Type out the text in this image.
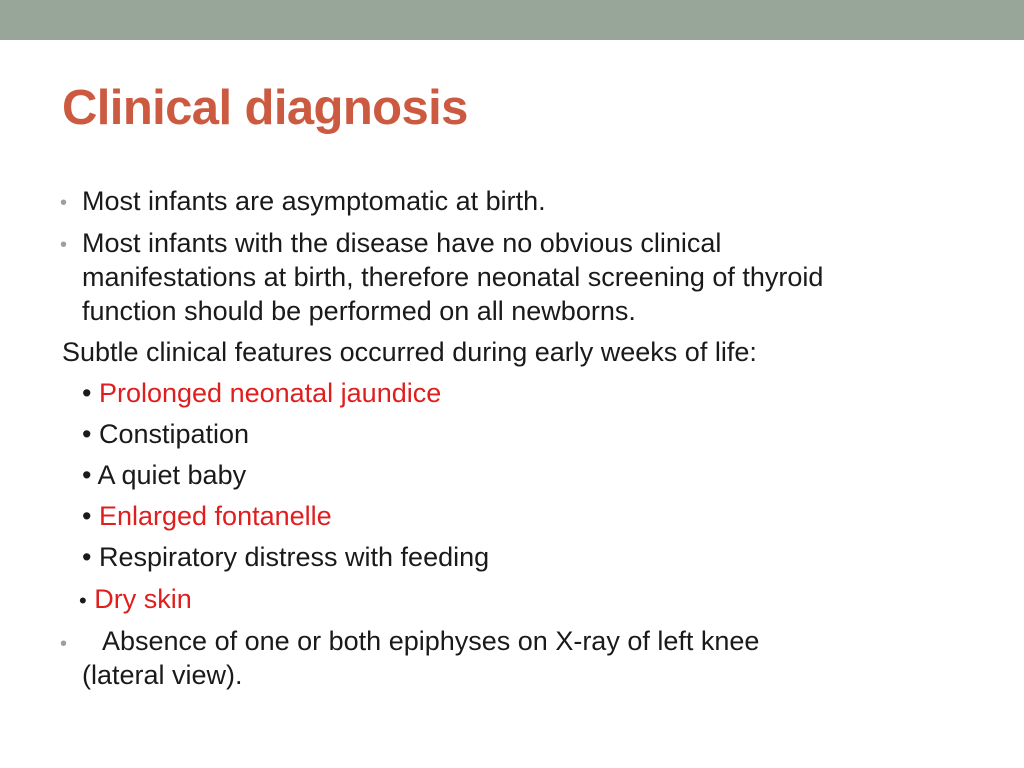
Clinical diagnosis
• Most infants are asymptomatic at birth.
• Most infants with the disease have no obvious clinical
manifestations at birth, therefore neonatal screening of thyroid
function should be performed on all newborns.
Subtle clinical features occurred during early weeks of life:
• Prolonged neonatal jaundice
• Constipation
• A quiet baby
• Enlarged fontanelle
• Respiratory distress with feeding
• Dry skin
• Absence of one or both epiphyses on X-ray of left knee
(lateral view).
